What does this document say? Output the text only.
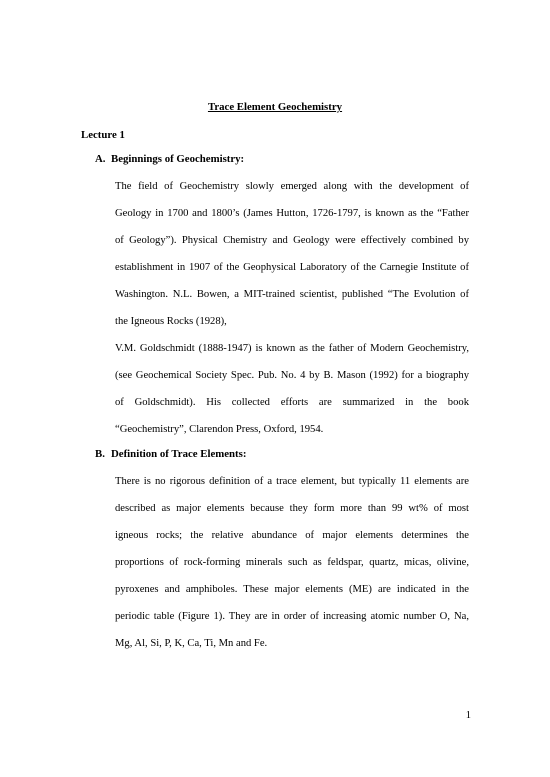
Trace Element Geochemistry
Lecture 1
A. Beginnings of Geochemistry:
The field of Geochemistry slowly emerged along with the development of
Geology in 1700 and 1800’s (James Hutton, 1726-1797, is known as the “Father
of Geology”). Physical Chemistry and Geology were effectively combined by
establishment in 1907 of the Geophysical Laboratory of the Carnegie Institute of
Washington. N.L. Bowen, a MIT-trained scientist, published “The Evolution of
the Igneous Rocks (1928),
V.M. Goldschmidt (1888-1947) is known as the father of Modern Geochemistry,
(see Geochemical Society Spec. Pub. No. 4 by B. Mason (1992) for a biography
of Goldschmidt). His collected efforts are summarized in the book
“Geochemistry”, Clarendon Press, Oxford, 1954.
B. Definition of Trace Elements:
There is no rigorous definition of a trace element, but typically 11 elements are
described as major elements because they form more than 99 wt% of most
igneous rocks; the relative abundance of major elements determines the
proportions of rock-forming minerals such as feldspar, quartz, micas, olivine,
pyroxenes and amphiboles. These major elements (ME) are indicated in the
periodic table (Figure 1). They are in order of increasing atomic number O, Na,
Mg, Al, Si, P, K, Ca, Ti, Mn and Fe.
1
